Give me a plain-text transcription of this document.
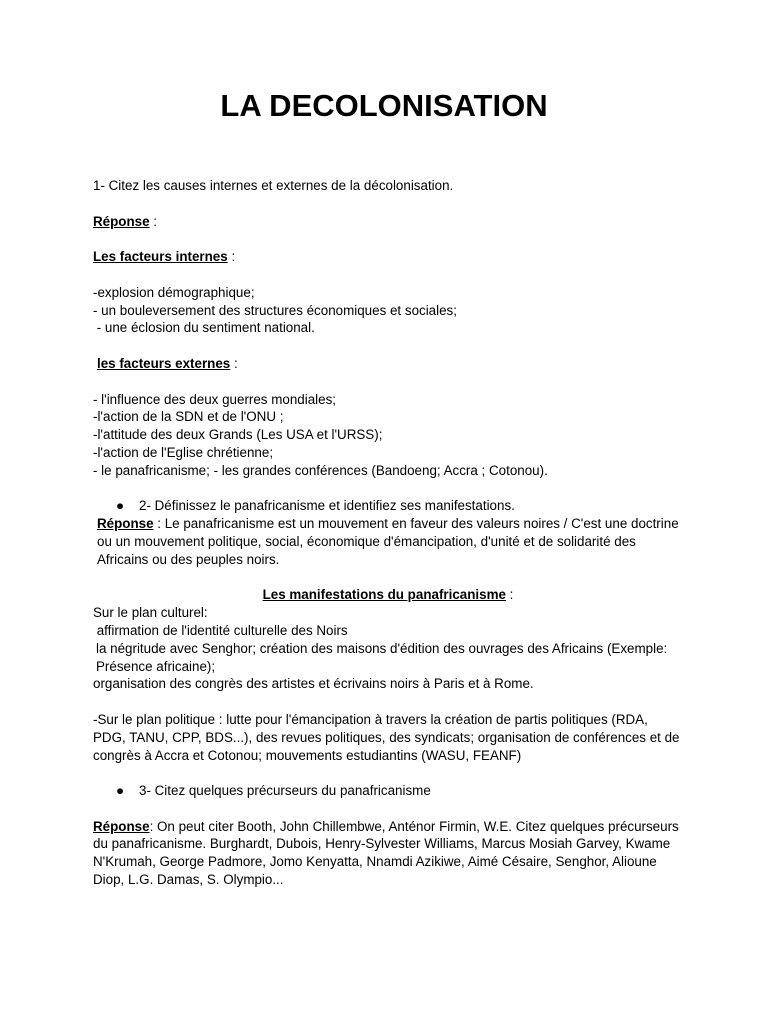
LA DECOLONISATION

1- Citez les causes internes et externes de la décolonisation.

Réponse :

Les facteurs internes :

-explosion démographique;

- un bouleversement des structures économiques et sociales;

- une éclosion du sentiment national.

les facteurs externes :

- l'influence des deux guerres mondiales;

-l'action de la SDN et de l'ONU ;

-l'attitude des deux Grands (Les USA et l'URSS);

-l'action de l'Eglise chrétienne;

- le panafricanisme; - les grandes conférences (Bandoeng; Accra ; Cotonou).

● 2- Définissez le panafricanisme et identifiez ses manifestations.

Réponse : Le panafricanisme est un mouvement en faveur des valeurs noires / C'est une doctrine ou un mouvement politique, social, économique d'émancipation, d'unité et de solidarité des Africains ou des peuples noirs.

Les manifestations du panafricanisme :

Sur le plan culturel:

affirmation de l'identité culturelle des Noirs

la négritude avec Senghor; création des maisons d'édition des ouvrages des Africains (Exemple: Présence africaine);

organisation des congrès des artistes et écrivains noirs à Paris et à Rome.

-Sur le plan politique : lutte pour l'émancipation à travers la création de partis politiques (RDA, PDG, TANU, CPP, BDS...), des revues politiques, des syndicats; organisation de conférences et de congrès à Accra et Cotonou; mouvements estudiantins (WASU, FEANF)

● 3- Citez quelques précurseurs du panafricanisme

Réponse: On peut citer Booth, John Chillembwe, Anténor Firmin, W.E. Citez quelques précurseurs du panafricanisme. Burghardt, Dubois, Henry-Sylvester Williams, Marcus Mosiah Garvey, Kwame N'Krumah, George Padmore, Jomo Kenyatta, Nnamdi Azikiwe, Aimé Césaire, Senghor, Alioune Diop, L.G. Damas, S. Olympio...
